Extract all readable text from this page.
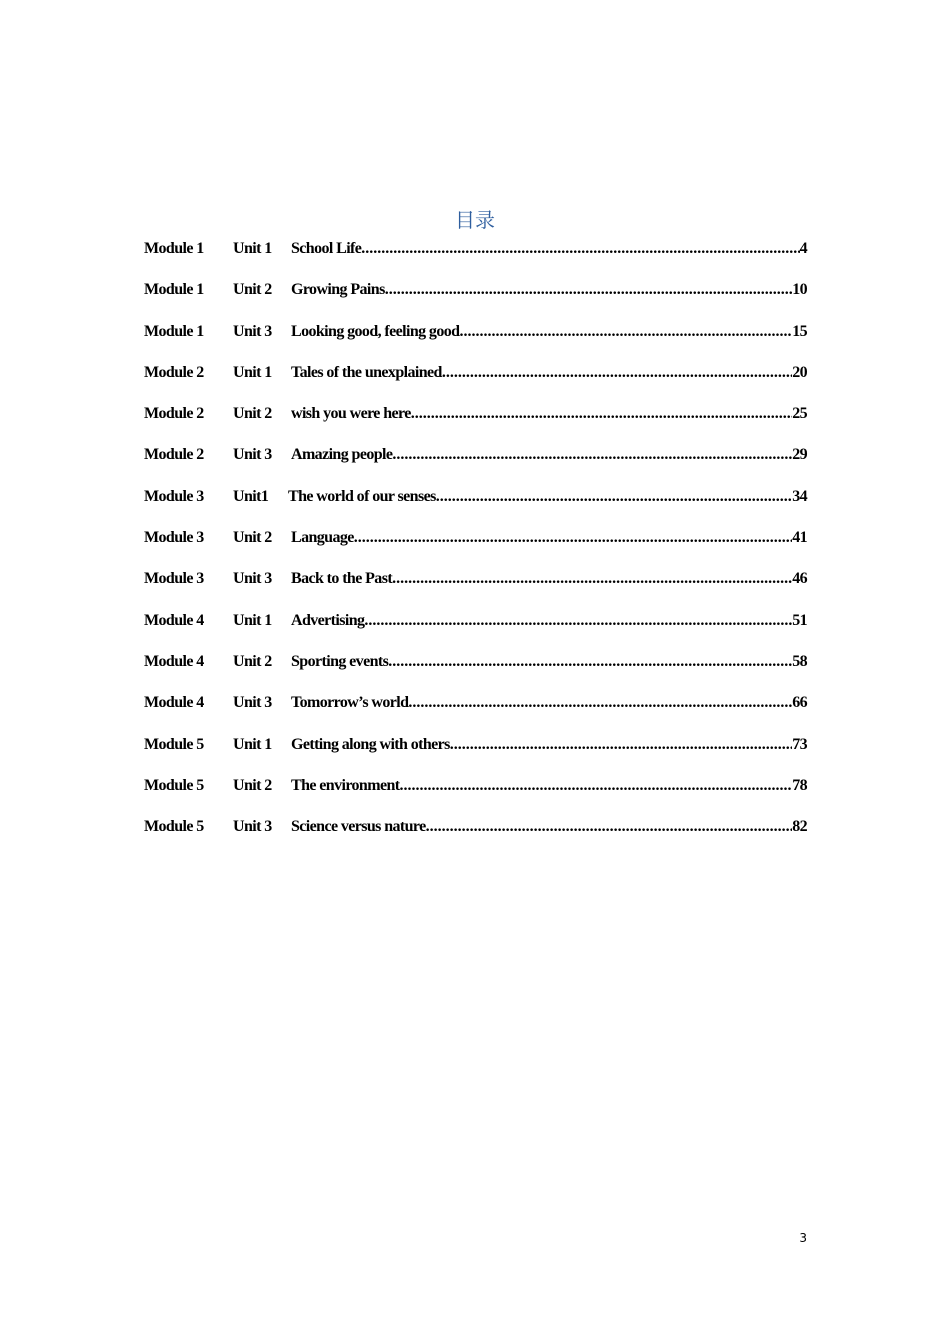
目录
Module 1	Unit 1	School Life .....	4
Module 1	Unit 2	Growing Pains .....	10
Module 1	Unit 3	Looking good, feeling good .....	15
Module 2	Unit 1	Tales of the unexplained .....	20
Module 2	Unit 2	wish you were here .....	25
Module 2	Unit 3	Amazing people .....	29
Module 3	Unit1	The world of our senses .....	34
Module 3	Unit 2	Language .....	41
Module 3	Unit 3	Back to the Past .....	46
Module 4	Unit 1	Advertising .....	51
Module 4	Unit 2	Sporting events .....	58
Module 4	Unit 3	Tomorrow’s world .....	66
Module 5	Unit 1	Getting along with others .....	73
Module 5	Unit 2	The environment .....	78
Module 5	Unit 3	Science versus nature .....	82
3
